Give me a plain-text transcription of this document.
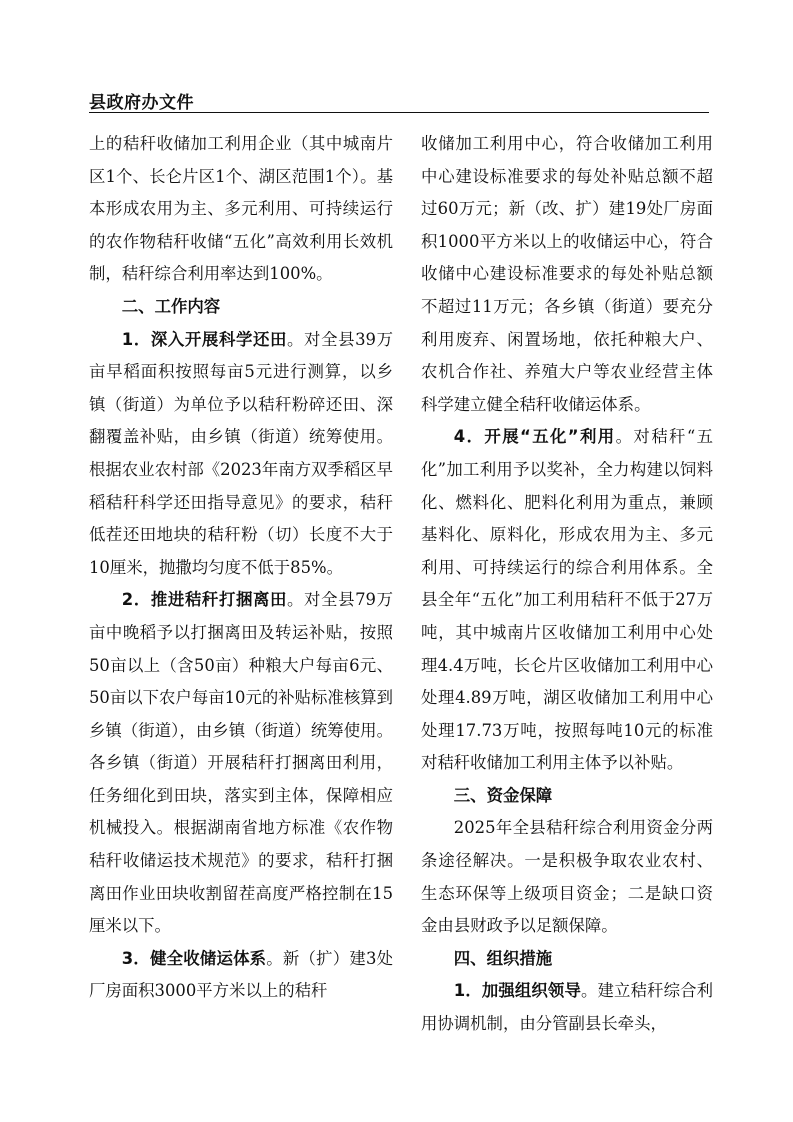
县政府办文件

上的秸秆收储加工利用企业（其中城南片区1个、长仑片区1个、湖区范围1个）。基本形成农用为主、多元利用、可持续运行的农作物秸秆收储“五化”高效利用长效机制，秸秆综合利用率达到100%。

二、工作内容

1．深入开展科学还田。对全县39万亩早稻面积按照每亩5元进行测算，以乡镇（街道）为单位予以秸秆粉碎还田、深翻覆盖补贴，由乡镇（街道）统筹使用。根据农业农村部《2023年南方双季稻区早稻秸秆科学还田指导意见》的要求，秸秆低茬还田地块的秸秆粉（切）长度不大于10厘米，抛撒均匀度不低于85%。

2．推进秸秆打捆离田。对全县79万亩中晚稻予以打捆离田及转运补贴，按照50亩以上（含50亩）种粮大户每亩6元、50亩以下农户每亩10元的补贴标准核算到乡镇（街道），由乡镇（街道）统筹使用。各乡镇（街道）开展秸秆打捆离田利用，任务细化到田块，落实到主体，保障相应机械投入。根据湖南省地方标准《农作物秸秆收储运技术规范》的要求，秸秆打捆离田作业田块收割留茬高度严格控制在15厘米以下。

3．健全收储运体系。新（扩）建3处厂房面积3000平方米以上的秸秆

收储加工利用中心，符合收储加工利用中心建设标准要求的每处补贴总额不超过60万元；新（改、扩）建19处厂房面积1000平方米以上的收储运中心，符合收储中心建设标准要求的每处补贴总额不超过11万元；各乡镇（街道）要充分利用废弃、闲置场地，依托种粮大户、农机合作社、养殖大户等农业经营主体科学建立健全秸秆收储运体系。

4．开展“五化”利用。对秸秆“五化”加工利用予以奖补，全力构建以饲料化、燃料化、肥料化利用为重点，兼顾基料化、原料化，形成农用为主、多元利用、可持续运行的综合利用体系。全县全年“五化”加工利用秸秆不低于27万吨，其中城南片区收储加工利用中心处理4.4万吨，长仑片区收储加工利用中心处理4.89万吨，湖区收储加工利用中心处理17.73万吨，按照每吨10元的标准对秸秆收储加工利用主体予以补贴。

三、资金保障

2025年全县秸秆综合利用资金分两条途径解决。一是积极争取农业农村、生态环保等上级项目资金；二是缺口资金由县财政予以足额保障。

四、组织措施

1．加强组织领导。建立秸秆综合利用协调机制，由分管副县长牵头，
